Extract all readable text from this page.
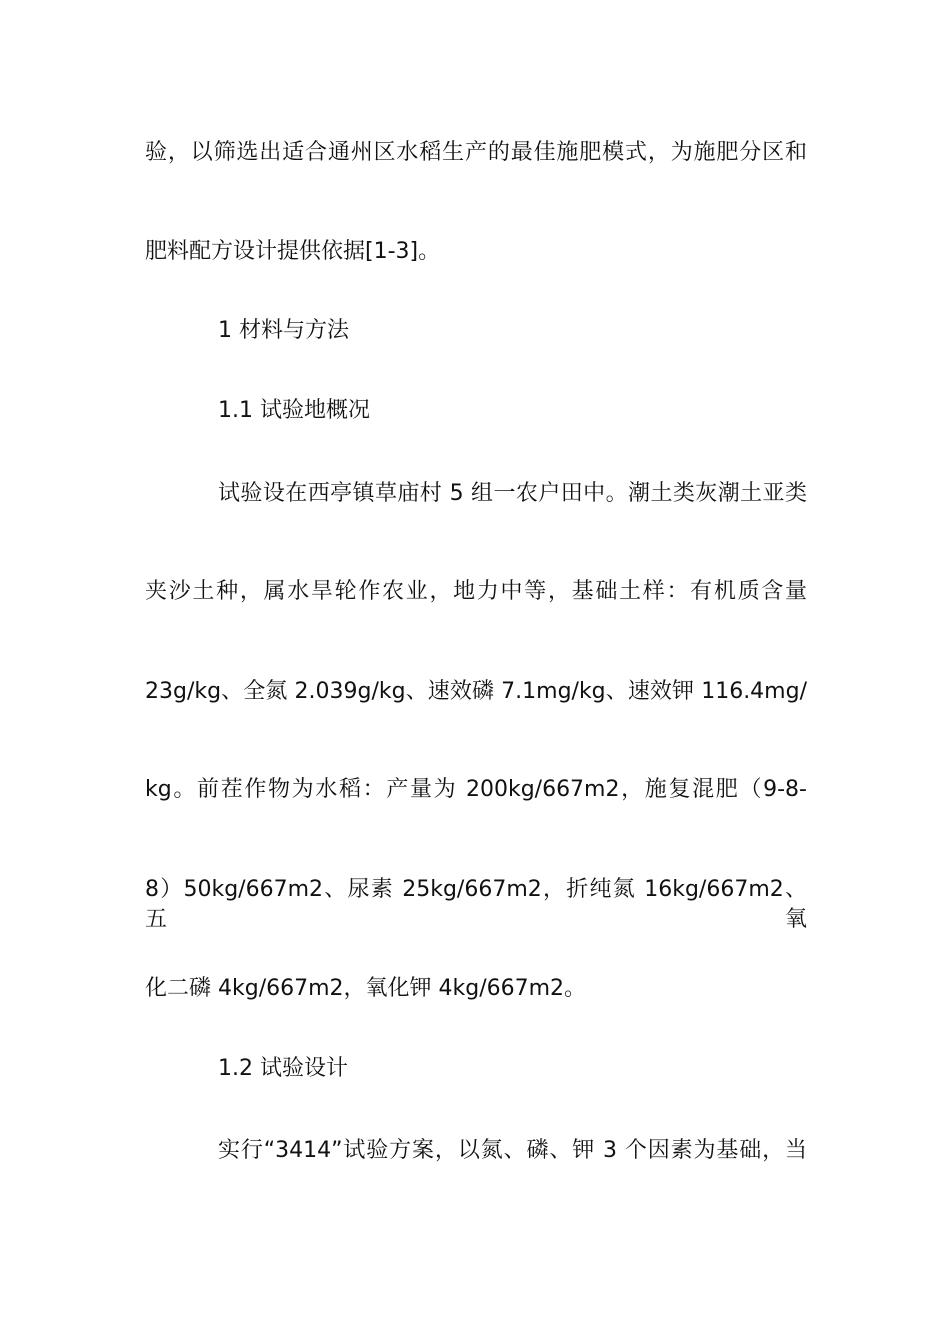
验，以筛选出适合通州区水稻生产的最佳施肥模式，为施肥分区和
肥料配方设计提供依据[1-3]。
1 材料与方法
1.1 试验地概况
试验设在西亭镇草庙村 5 组一农户田中。潮土类灰潮土亚类
夹沙土种，属水旱轮作农业，地力中等，基础土样：有机质含量
23g/kg、全氮 2.039g/kg、速效磷 7.1mg/kg、速效钾 116.4mg/
kg。前茬作物为水稻：产量为 200kg/667m2，施复混肥（9-8-
8）50kg/667m2、尿素 25kg/667m2，折纯氮 16kg/667m2、五氧
化二磷 4kg/667m2，氧化钾 4kg/667m2。
1.2 试验设计
实行“3414”试验方案，以氮、磷、钾 3 个因素为基础，当
